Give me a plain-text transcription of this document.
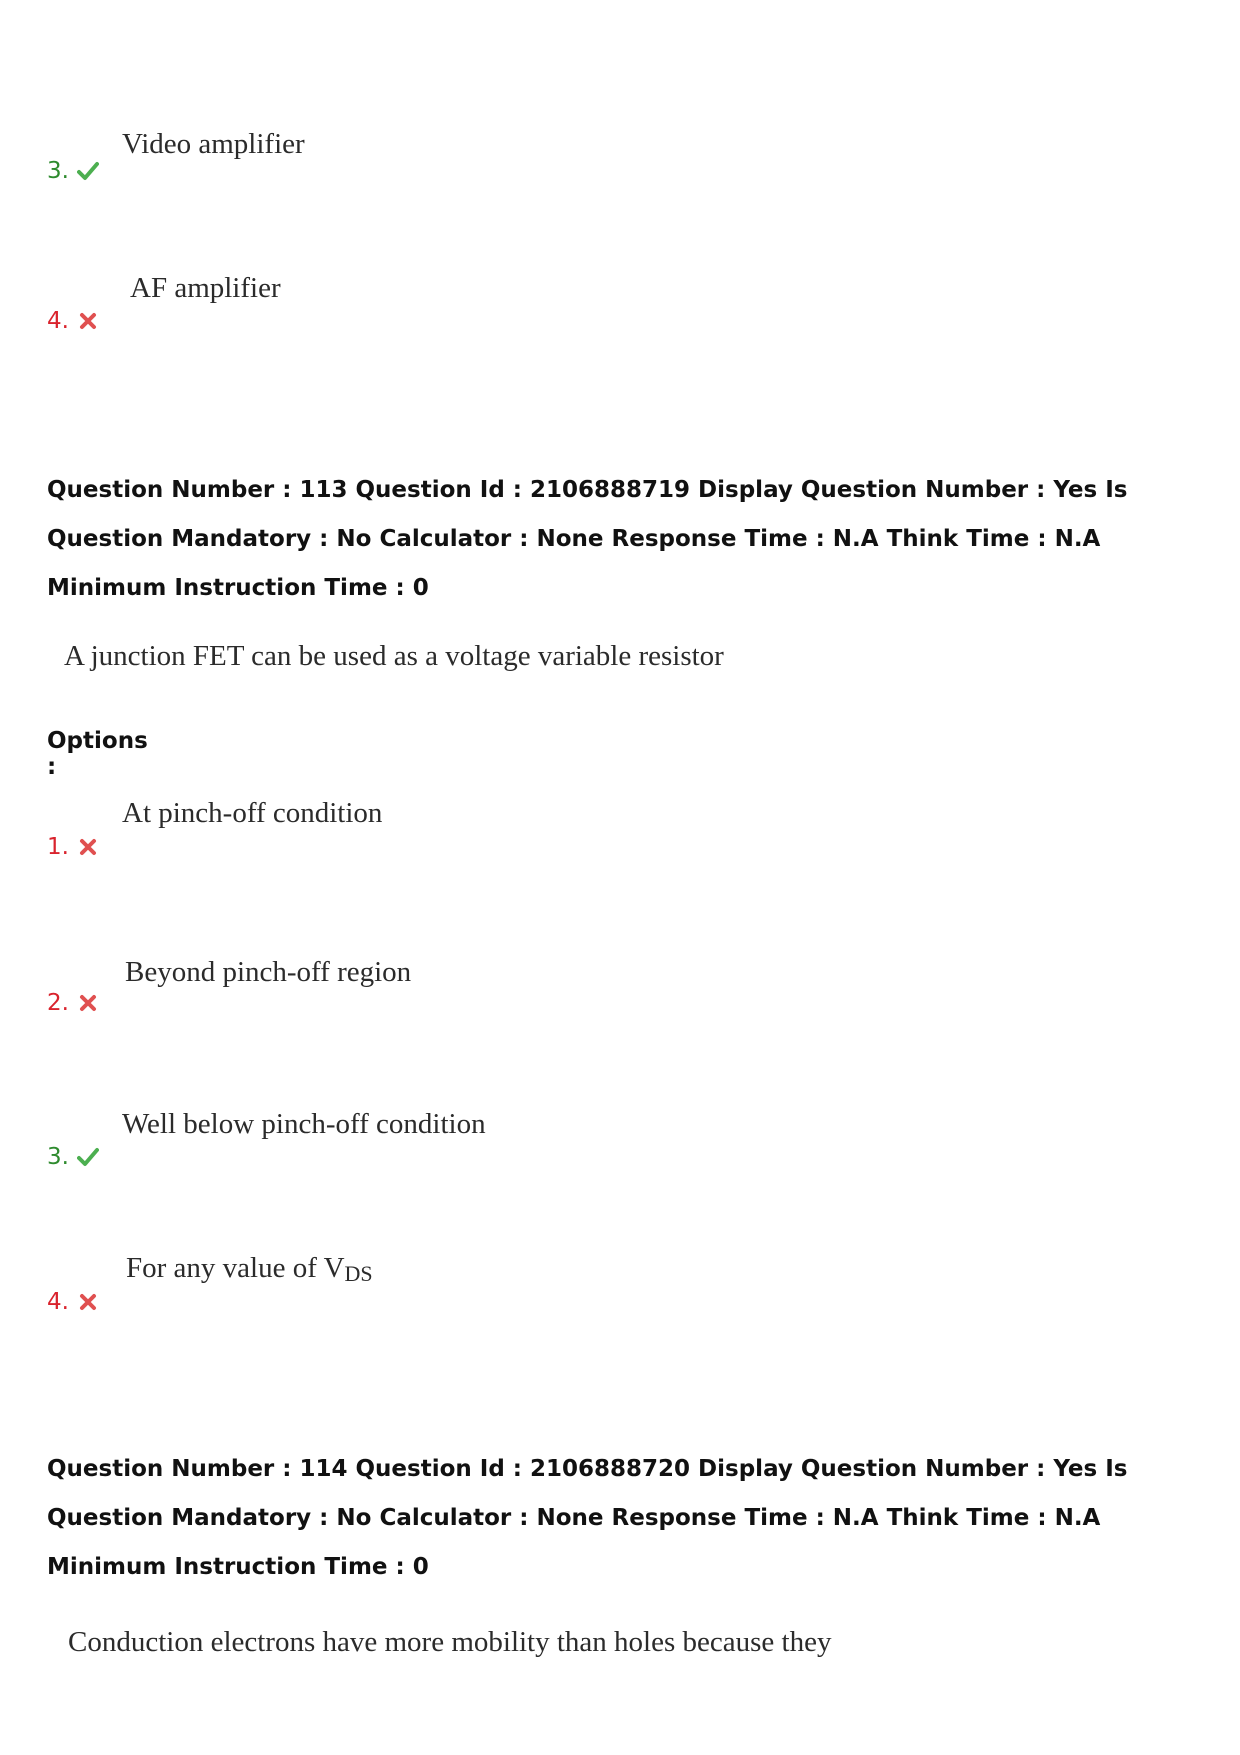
Video amplifier
3.
AF amplifier
4.
Question Number : 113 Question Id : 2106888719 Display Question Number : Yes Is Question Mandatory : No Calculator : None Response Time : N.A Think Time : N.A Minimum Instruction Time : 0
A junction FET can be used as a voltage variable resistor
Options :
At pinch-off condition
1.
Beyond pinch-off region
2.
Well below pinch-off condition
3.
For any value of $V_{DS}$
4.
Question Number : 114 Question Id : 2106888720 Display Question Number : Yes Is Question Mandatory : No Calculator : None Response Time : N.A Think Time : N.A Minimum Instruction Time : 0
Conduction electrons have more mobility than holes because they
